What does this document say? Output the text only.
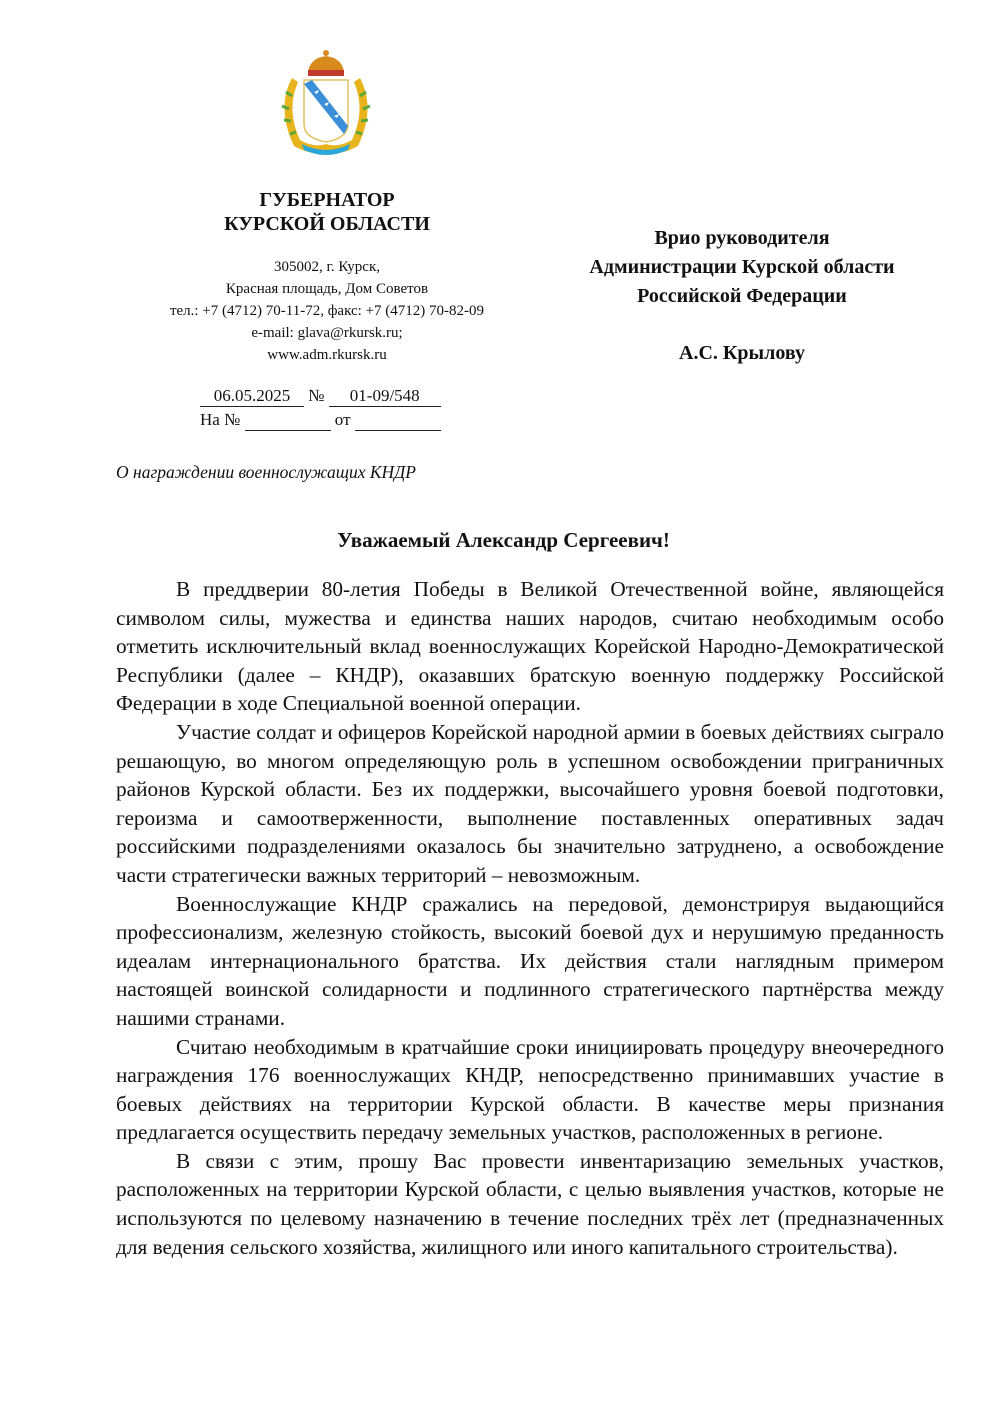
ГУБЕРНАТОР
КУРСКОЙ ОБЛАСТИ
305002, г. Курск,
Красная площадь, Дом Советов
тел.: +7 (4712) 70-11-72, факс: +7 (4712) 70-82-09
e-mail: glava@rkursk.ru;
www.adm.rkursk.ru
06.05.2025 № 01-09/548
На №	от
О награждении военнослужащих КНДР
Врио руководителя
Администрации Курской области
Российской Федерации
А.С. Крылову
Уважаемый Александр Сергеевич!

В преддверии 80-летия Победы в Великой Отечественной войне, являющейся символом силы, мужества и единства наших народов, считаю необходимым особо отметить исключительный вклад военнослужащих Корейской Народно-Демократической Республики (далее – КНДР), оказавших братскую военную поддержку Российской Федерации в ходе Специальной военной операции.

Участие солдат и офицеров Корейской народной армии в боевых действиях сыграло решающую, во многом определяющую роль в успешном освобождении приграничных районов Курской области. Без их поддержки, высочайшего уровня боевой подготовки, героизма и самоотверженности, выполнение поставленных оперативных задач российскими подразделениями оказалось бы значительно затруднено, а освобождение части стратегически важных территорий – невозможным.

Военнослужащие КНДР сражались на передовой, демонстрируя выдающийся профессионализм, железную стойкость, высокий боевой дух и нерушимую преданность идеалам интернационального братства. Их действия стали наглядным примером настоящей воинской солидарности и подлинного стратегического партнёрства между нашими странами.

Считаю необходимым в кратчайшие сроки инициировать процедуру внеочередного награждения 176 военнослужащих КНДР, непосредственно принимавших участие в боевых действиях на территории Курской области. В качестве меры признания предлагается осуществить передачу земельных участков, расположенных в регионе.

В связи с этим, прошу Вас провести инвентаризацию земельных участков, расположенных на территории Курской области, с целью выявления участков, которые не используются по целевому назначению в течение последних трёх лет (предназначенных для ведения сельского хозяйства, жилищного или иного капитального строительства).
